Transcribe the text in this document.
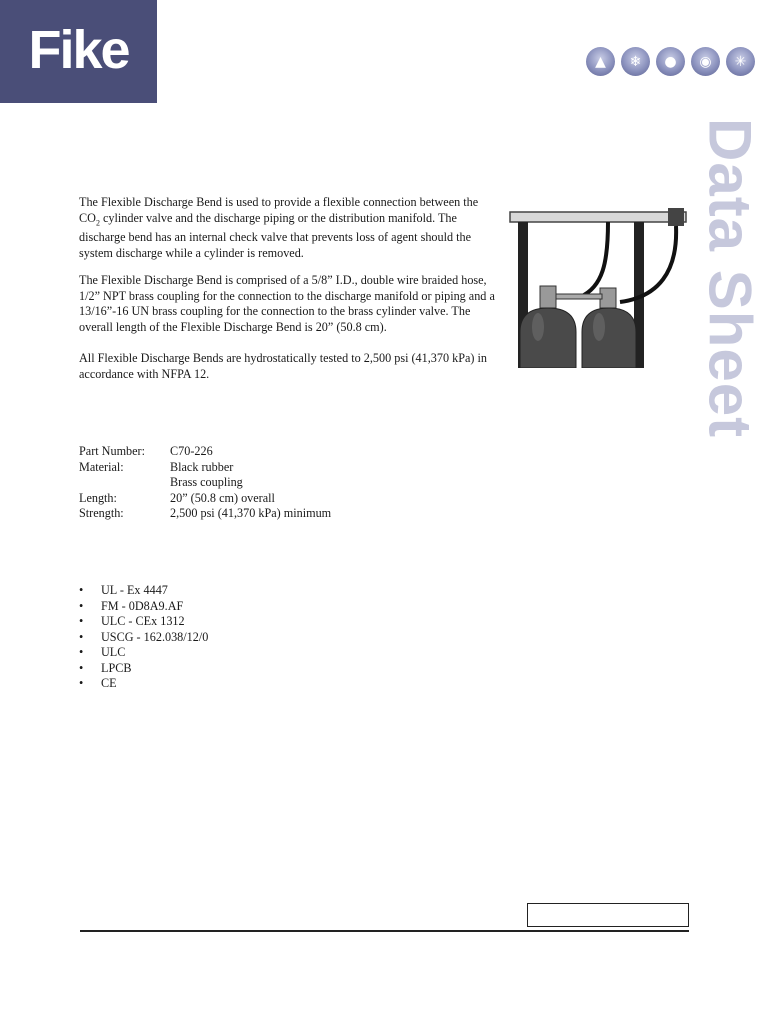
Fike	▲	❄	●	◉	✳
Data Sheet

The Flexible Discharge Bend is used to provide a flexible connection between the $CO_2$ cylinder valve and the discharge piping or the distribution manifold. The discharge bend has an internal check valve that prevents loss of agent should the system discharge while a cylinder is removed.

The Flexible Discharge Bend is comprised of a 5/8” I.D., double wire braided hose, 1/2” NPT brass coupling for the connection to the discharge manifold or piping and a 13/16”-16 UN brass coupling for the connection to the brass cylinder valve. The overall length of the Flexible Discharge Bend is 20” (50.8 cm).

All Flexible Discharge Bends are hydrostatically tested to 2,500 psi (41,370 kPa) in accordance with NFPA 12.

Part Number:	C70-226
Material:	Black rubber
Brass coupling
Length:	20” (50.8 cm) overall
Strength:	2,500 psi (41,370 kPa) minimum
•	UL - Ex 4447
•	FM - 0D8A9.AF
•	ULC - CEx 1312
•	USCG - 162.038/12/0
•	ULC
•	LPCB
•	CE
